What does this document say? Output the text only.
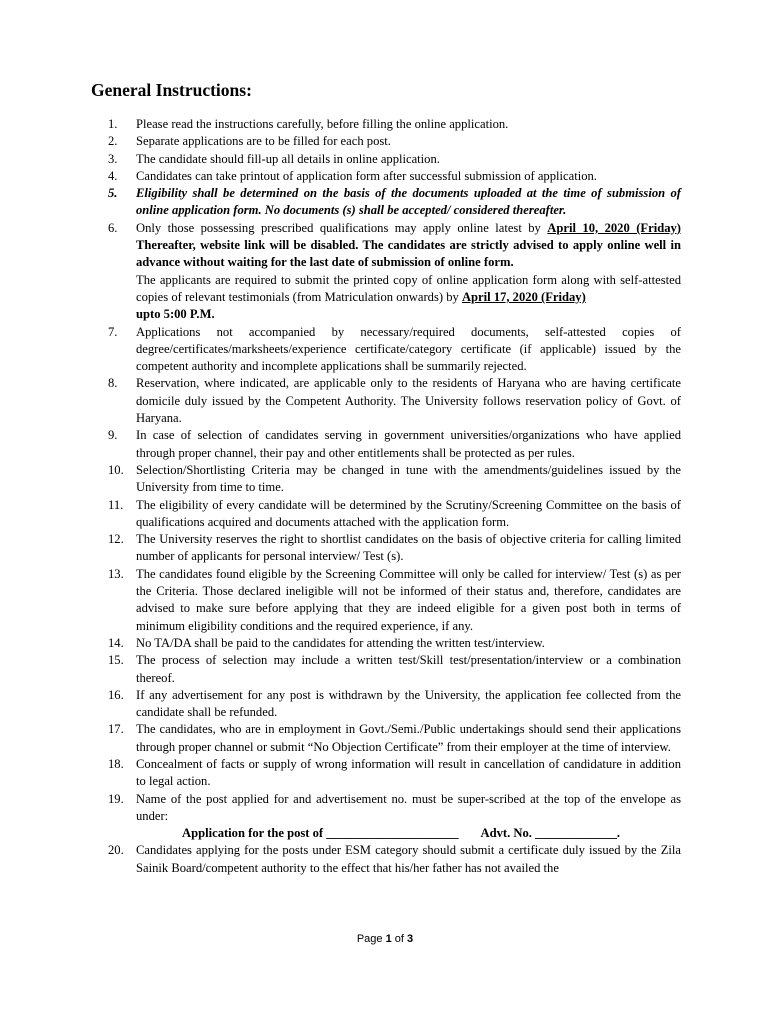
General Instructions:
1.	Please read the instructions carefully, before filling the online application.
2.	Separate applications are to be filled for each post.
3.	The candidate should fill-up all details in online application.
4.	Candidates can take printout of application form after successful submission of application.
5.	Eligibility shall be determined on the basis of the documents uploaded at the time of submission of online application form. No documents (s) shall be accepted/ considered thereafter.
6.	Only those possessing prescribed qualifications may apply online latest by April 10, 2020 (Friday) Thereafter, website link will be disabled. The candidates are strictly advised to apply online well in advance without waiting for the last date of submission of online form.
The applicants are required to submit the printed copy of online application form along with self-attested copies of relevant testimonials (from Matriculation onwards) by April 17, 2020 (Friday)
upto 5:00 P.M.
7.	Applications not accompanied by necessary/required documents, self-attested copies of degree/certificates/marksheets/experience certificate/category certificate (if applicable) issued by the competent authority and incomplete applications shall be summarily rejected.
8.	Reservation, where indicated, are applicable only to the residents of Haryana who are having certificate domicile duly issued by the Competent Authority. The University follows reservation policy of Govt. of Haryana.
9.	In case of selection of candidates serving in government universities/organizations who have applied through proper channel, their pay and other entitlements shall be protected as per rules.
10. Selection/Shortlisting Criteria may be changed in tune with the amendments/guidelines issued by the University from time to time.
11.	The eligibility of every candidate will be determined by the Scrutiny/Screening Committee on the basis of qualifications acquired and documents attached with the application form.
12. The University reserves the right to shortlist candidates on the basis of objective criteria for calling limited number of applicants for personal interview/ Test (s).
13. The candidates found eligible by the Screening Committee will only be called for interview/ Test (s) as per the Criteria. Those declared ineligible will not be informed of their status and, therefore, candidates are advised to make sure before applying that they are indeed eligible for a given post both in terms of minimum eligibility conditions and the required experience, if any.
14. No TA/DA shall be paid to the candidates for attending the written test/interview.
15. The process of selection may include a written test/Skill test/presentation/interview or a combination thereof.
16. If any advertisement for any post is withdrawn by the University, the application fee collected from the candidate shall be refunded.
17. The candidates, who are in employment in Govt./Semi./Public undertakings should send their applications through proper channel or submit “No Objection Certificate” from their employer at the time of interview.
18. Concealment of facts or supply of wrong information will result in cancellation of candidature in addition to legal action.
19. Name of the post applied for and advertisement no. must be super-scribed at the top of the envelope as under:
Application for the post of _____________________ Advt. No. _____________.
20. Candidates applying for the posts under ESM category should submit a certificate duly issued by the Zila Sainik Board/competent authority to the effect that his/her father has not availed the
Page 1 of 3
